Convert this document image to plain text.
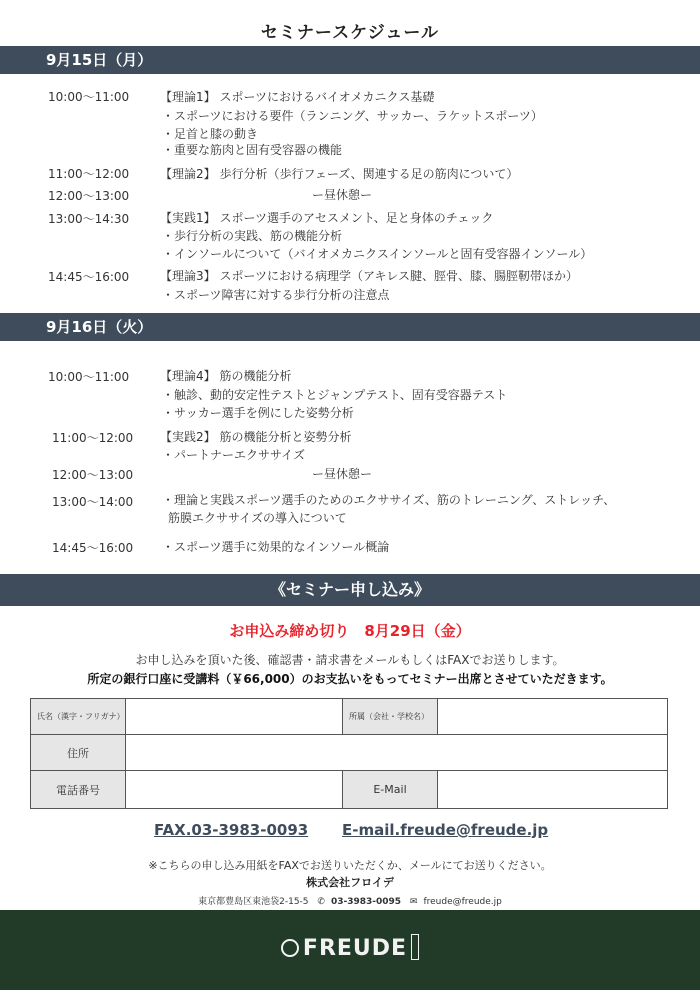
セミナースケジュール
9月15日（月）
10:00〜11:00	【理論1】 スポーツにおけるバイオメカニクス基礎
・スポーツにおける要件（ランニング、サッカー、ラケットスポーツ）
・足首と膝の動き
・重要な筋肉と固有受容器の機能
11:00〜12:00	【理論2】 歩行分析（歩行フェーズ、関連する足の筋肉について）
12:00〜13:00	ー昼休憩ー
13:00〜14:30	【実践1】 スポーツ選手のアセスメント、足と身体のチェック
・歩行分析の実践、筋の機能分析
・インソールについて（バイオメカニクスインソールと固有受容器インソール）
14:45〜16:00	【理論3】 スポーツにおける病理学（アキレス腱、脛骨、膝、腸脛靭帯ほか）
・スポーツ障害に対する歩行分析の注意点
9月16日（火）
10:00〜11:00	【理論4】 筋の機能分析
・触診、動的安定性テストとジャンプテスト、固有受容器テスト
・サッカー選手を例にした姿勢分析
11:00〜12:00 【実践2】 筋の機能分析と姿勢分析
・パートナーエクササイズ
12:00〜13:00	ー昼休憩ー
13:00〜14:00 ・理論と実践スポーツ選手のためのエクササイズ、筋のトレーニング、ストレッチ、
筋膜エクササイズの導入について
14:45〜16:00 ・スポーツ選手に効果的なインソール概論
《セミナー申し込み》
お申込み締め切り　8月29日（金）
お申し込みを頂いた後、確認書・請求書をメールもしくはFAXでお送りします。
所定の銀行口座に受講料（￥66,000）のお支払いをもってセミナー出席とさせていただきます。
氏名（漢字・フリガナ）		所属（会社・学校名）	
住所			
電話番号		E-Mail	
FAX.03-3983-0093 E-mail.freude@freude.jp
※こちらの申し込み用紙をFAXでお送りいただくか、メールにてお送りください。
株式会社フロイデ
東京都豊島区東池袋2-15-5 ✆ 03-3983-0095 ✉ freude@freude.jp
FREUDE
